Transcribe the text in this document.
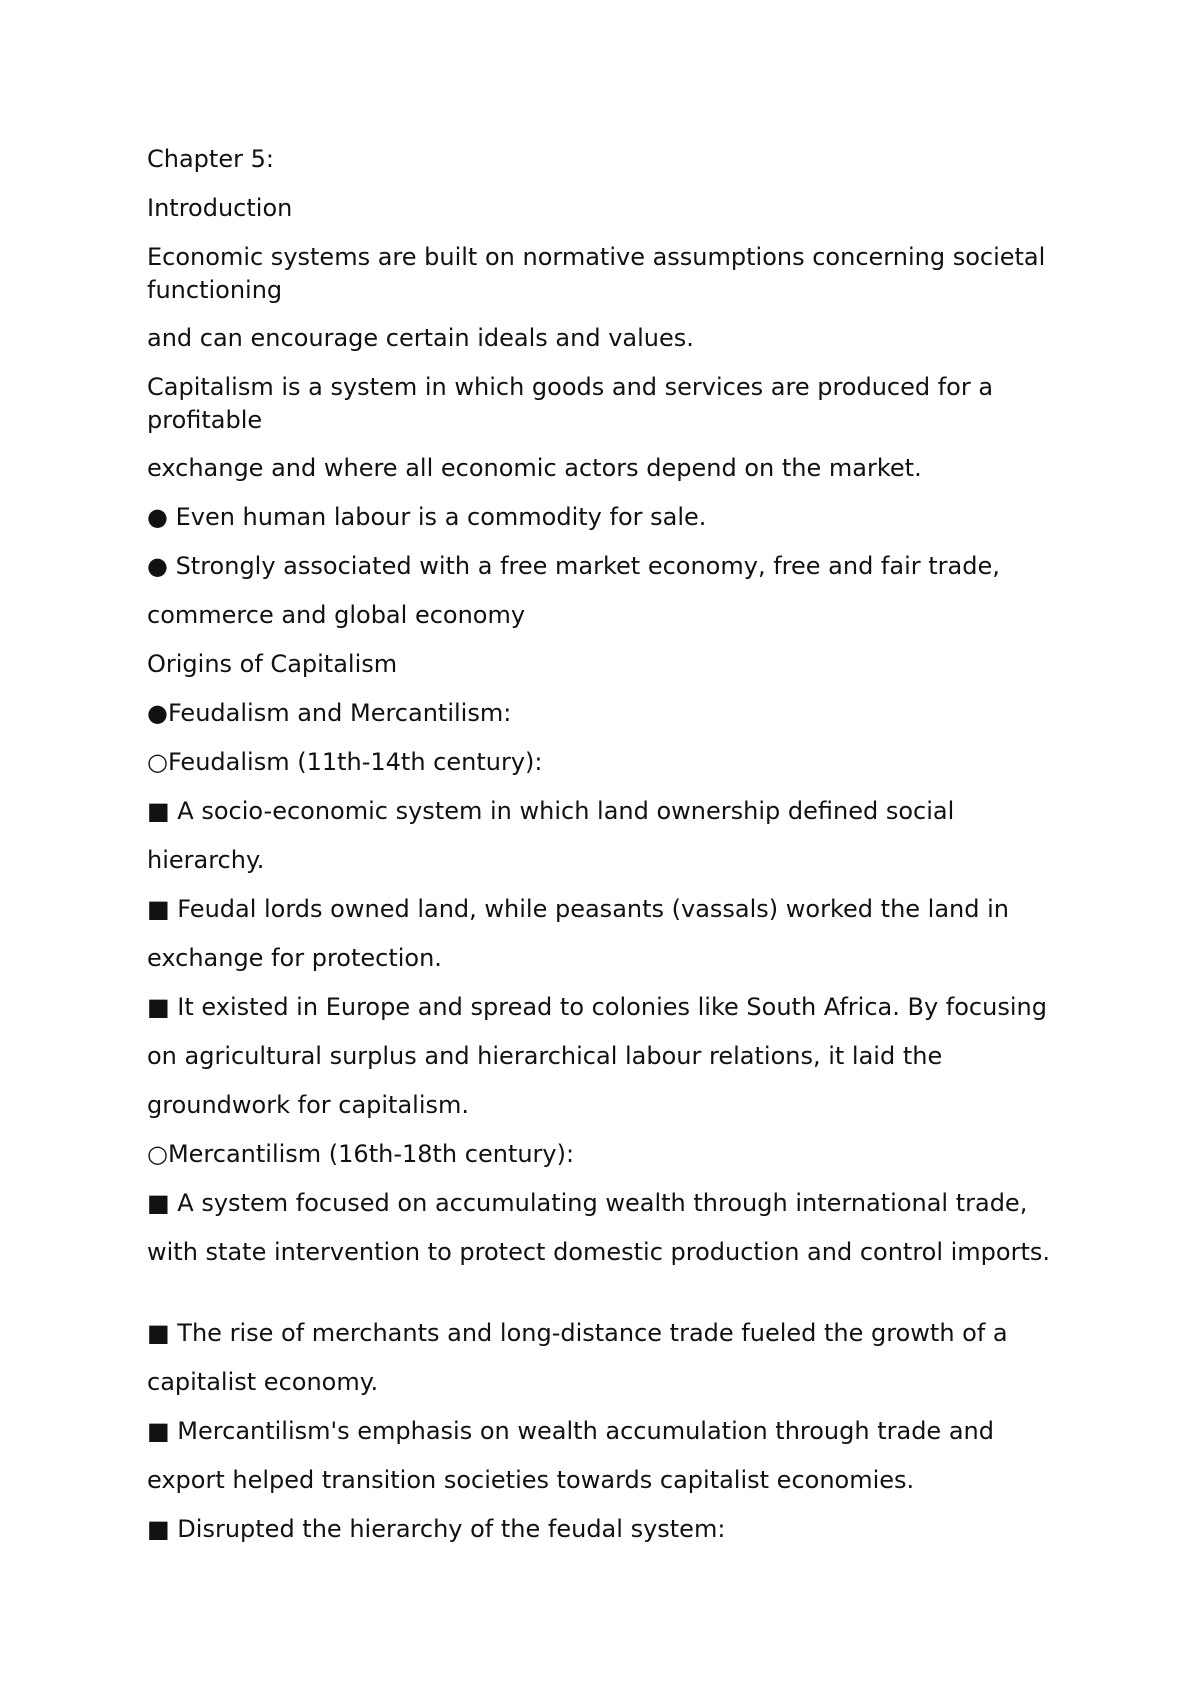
Chapter 5:

Introduction

Economic systems are built on normative assumptions concerning societal functioning

and can encourage certain ideals and values.

Capitalism is a system in which goods and services are produced for a profitable

exchange and where all economic actors depend on the market.

● Even human labour is a commodity for sale.

● Strongly associated with a free market economy, free and fair trade,

commerce and global economy

Origins of Capitalism

●Feudalism and Mercantilism:

○Feudalism (11th-14th century):

■ A socio-economic system in which land ownership defined social

hierarchy.

■ Feudal lords owned land, while peasants (vassals) worked the land in

exchange for protection.

■ It existed in Europe and spread to colonies like South Africa. By focusing

on agricultural surplus and hierarchical labour relations, it laid the

groundwork for capitalism.

○Mercantilism (16th-18th century):

■ A system focused on accumulating wealth through international trade,

with state intervention to protect domestic production and control imports.

■ The rise of merchants and long-distance trade fueled the growth of a

capitalist economy.

■ Mercantilism's emphasis on wealth accumulation through trade and

export helped transition societies towards capitalist economies.

■ Disrupted the hierarchy of the feudal system:
